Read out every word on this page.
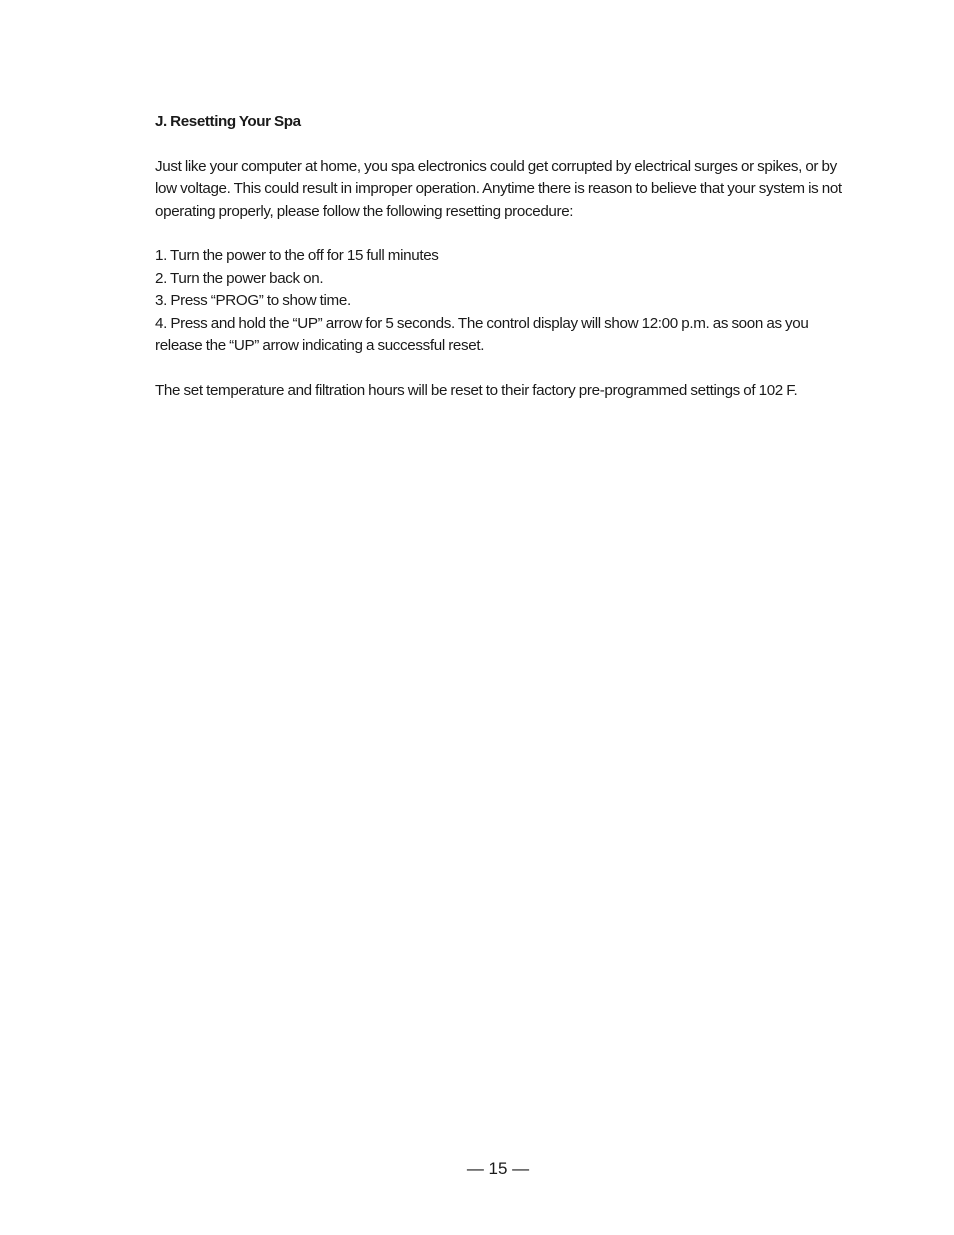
J. Resetting Your Spa
Just like your computer at home, you spa electronics could get corrupted by electrical surges or spikes, or by low voltage. This could result in improper operation. Anytime there is reason to believe that your system is not operating properly, please follow the following resetting procedure:
1. Turn the power to the off for 15 full minutes
2. Turn the power back on.
3. Press “PROG” to show time.
4. Press and hold the “UP” arrow for 5 seconds. The control display will show 12:00 p.m. as soon as you release the “UP” arrow indicating a successful reset.
The set temperature and filtration hours will be reset to their factory pre-programmed settings of 102 F.
— 15 —
